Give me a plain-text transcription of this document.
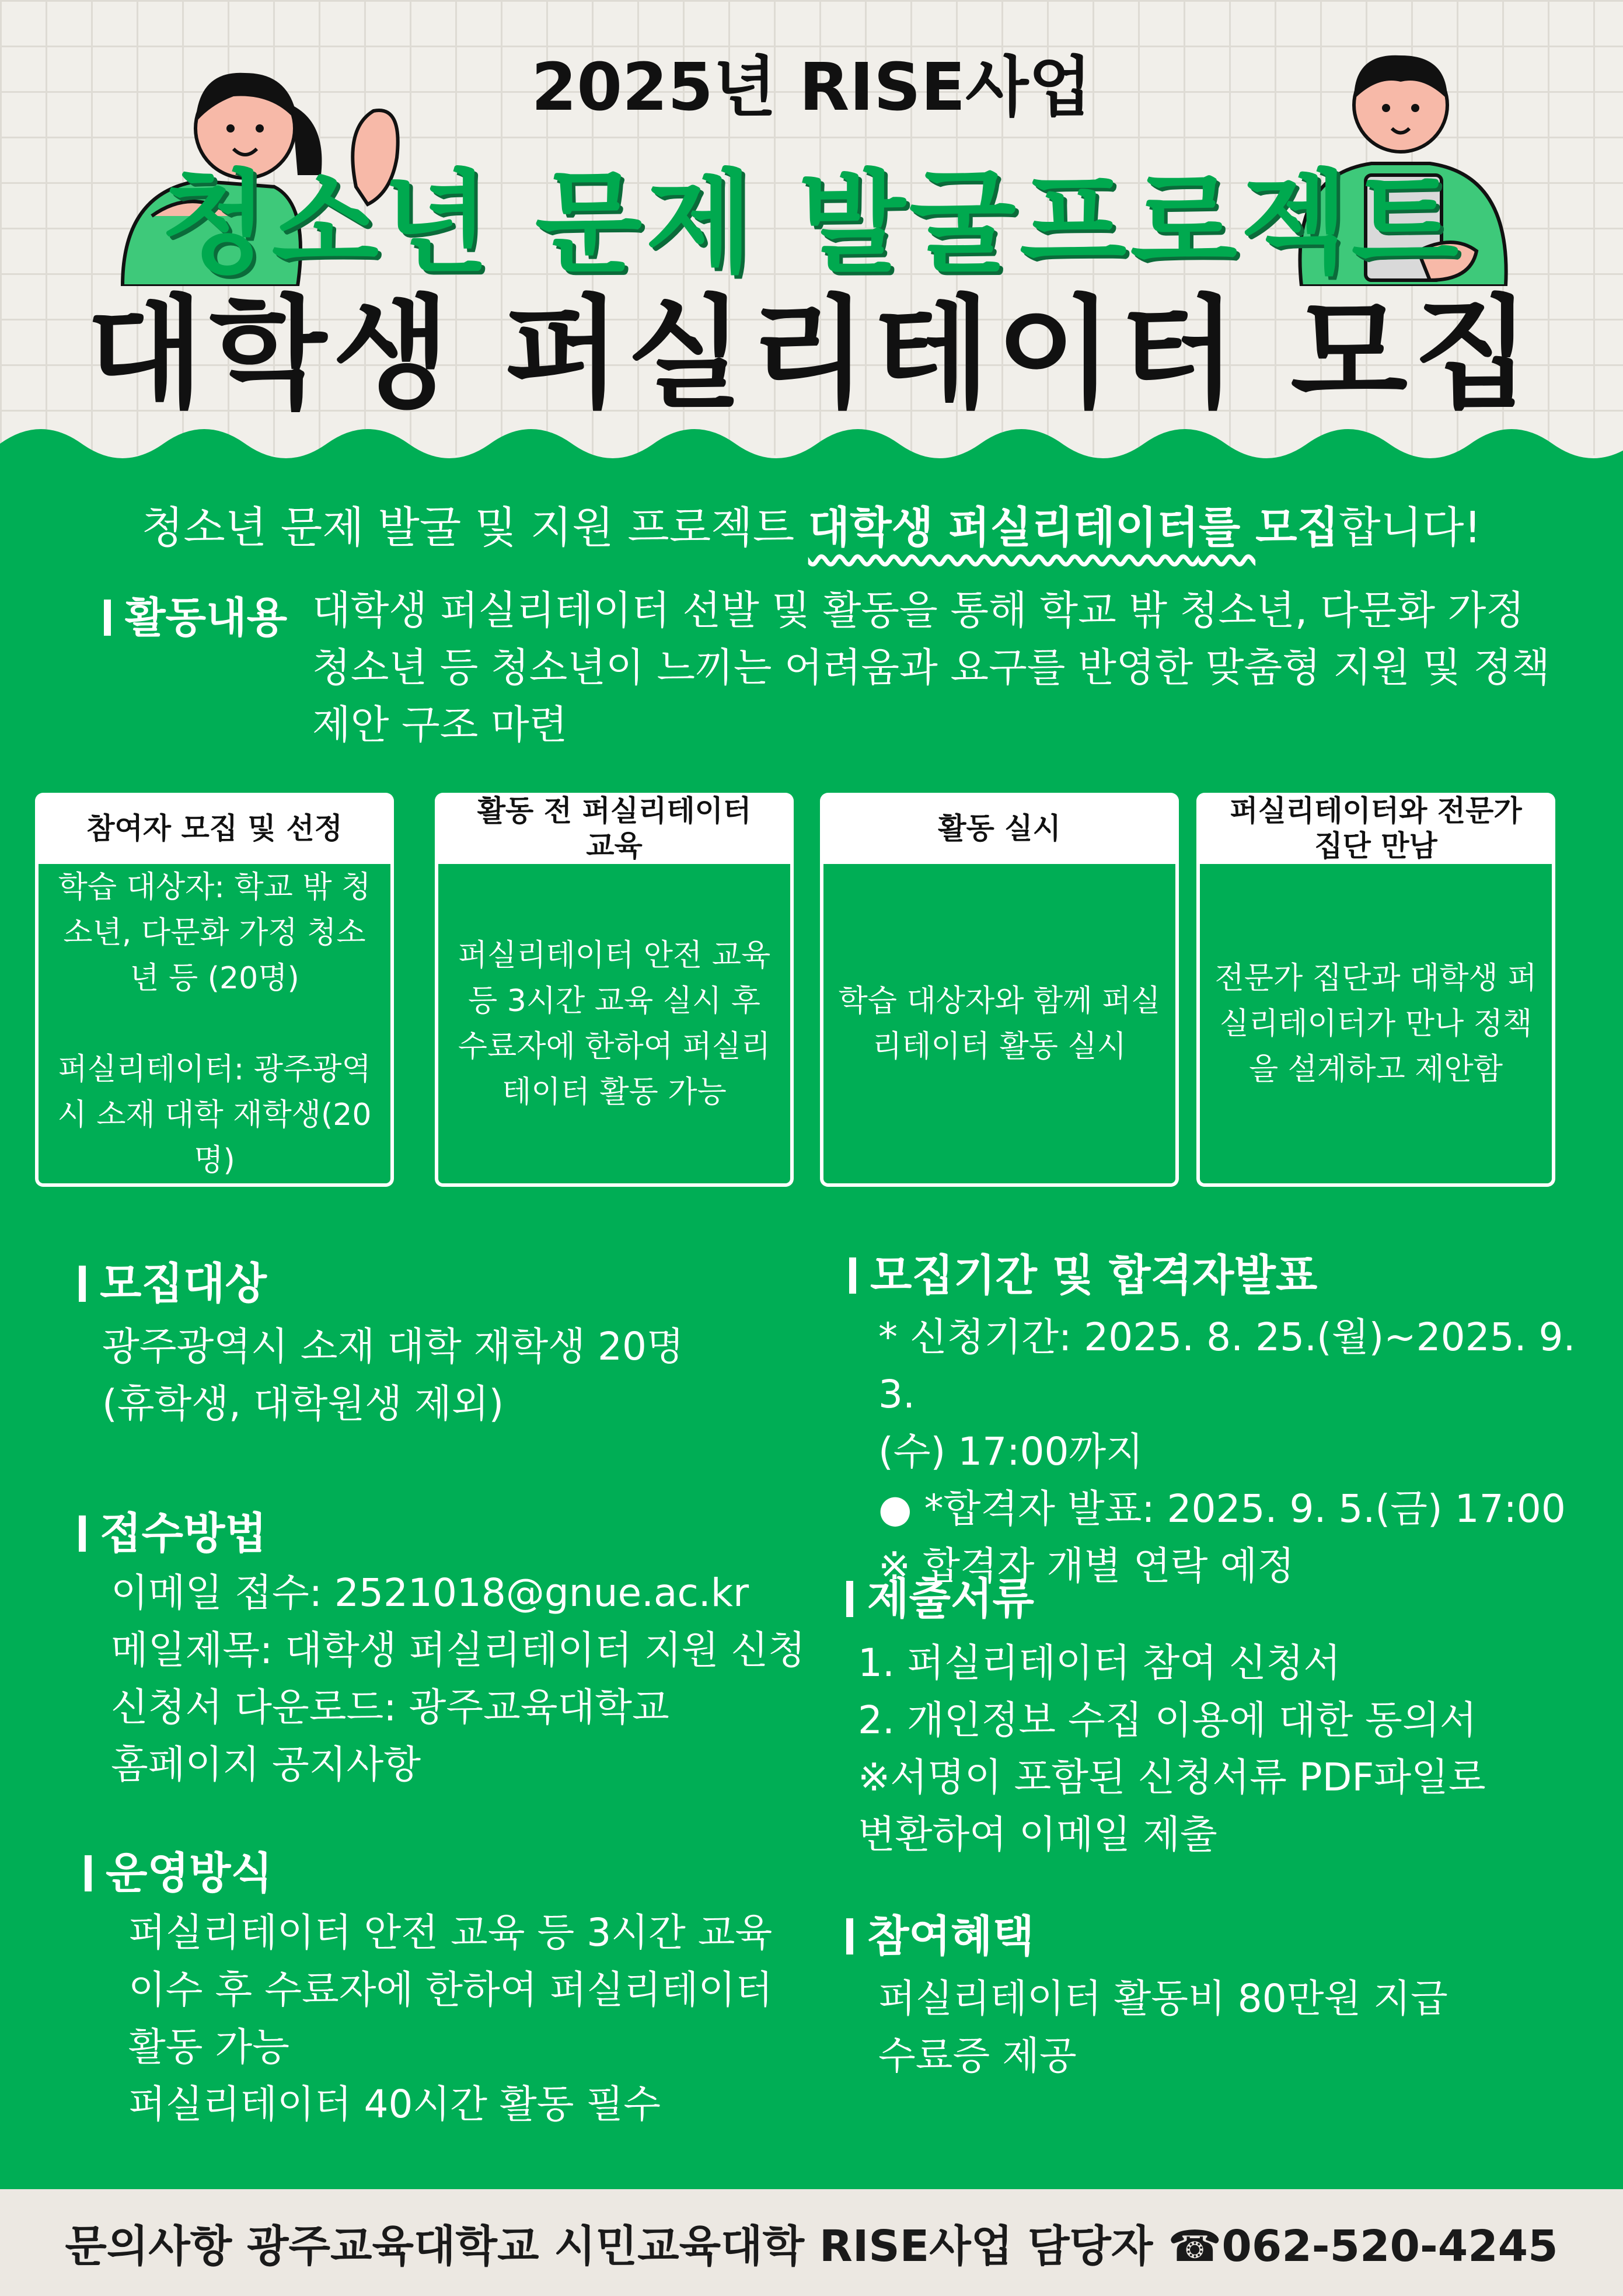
2025년 RISE사업
청소년 문제 발굴프로젝트
대학생 퍼실리테이터 모집
청소년 문제 발굴 및 지원 프로젝트 대학생 퍼실리테이터를 모집합니다!
활동내용 대학생 퍼실리테이터 선발 및 활동을 통해 학교 밖 청소년, 다문화 가정 청소년 등 청소년이 느끼는 어려움과 요구를 반영한 맞춤형 지원 및 정책 제안 구조 마련
참여자 모집 및 선정
학습 대상자: 학교 밖 청소년, 다문화 가정 청소년 등 (20명)

퍼실리테이터: 광주광역시 소재 대학 재학생(20명)
활동 전 퍼실리테이터 교육
퍼실리테이터 안전 교육 등 3시간 교육 실시 후 수료자에 한하여 퍼실리테이터 활동 가능
활동 실시
학습 대상자와 함께 퍼실리테이터 활동 실시
퍼실리테이터와 전문가 집단 만남
전문가 집단과 대학생 퍼실리테이터가 만나 정책을 설계하고 제안함
모집대상
광주광역시 소재 대학 재학생 20명
(휴학생, 대학원생 제외)
접수방법
이메일 접수: 2521018@gnue.ac.kr
메일제목: 대학생 퍼실리테이터 지원 신청
신청서 다운로드: 광주교육대학교
홈페이지 공지사항
운영방식
퍼실리테이터 안전 교육 등 3시간 교육
이수 후 수료자에 한하여 퍼실리테이터
활동 가능
퍼실리테이터 40시간 활동 필수
모집기간 및 합격자발표
* 신청기간: 2025. 8. 25.(월)~2025. 9. 3.
(수) 17:00까지
● *합격자 발표: 2025. 9. 5.(금) 17:00
※ 합격자 개별 연락 예정
제출서류
1. 퍼실리테이터 참여 신청서
2. 개인정보 수집 이용에 대한 동의서
※서명이 포함된 신청서류 PDF파일로
변환하여 이메일 제출
참여혜택
퍼실리테이터 활동비 80만원 지급
수료증 제공
문의사항 광주교육대학교 시민교육대학 RISE사업 담당자 ☎062-520-4245
